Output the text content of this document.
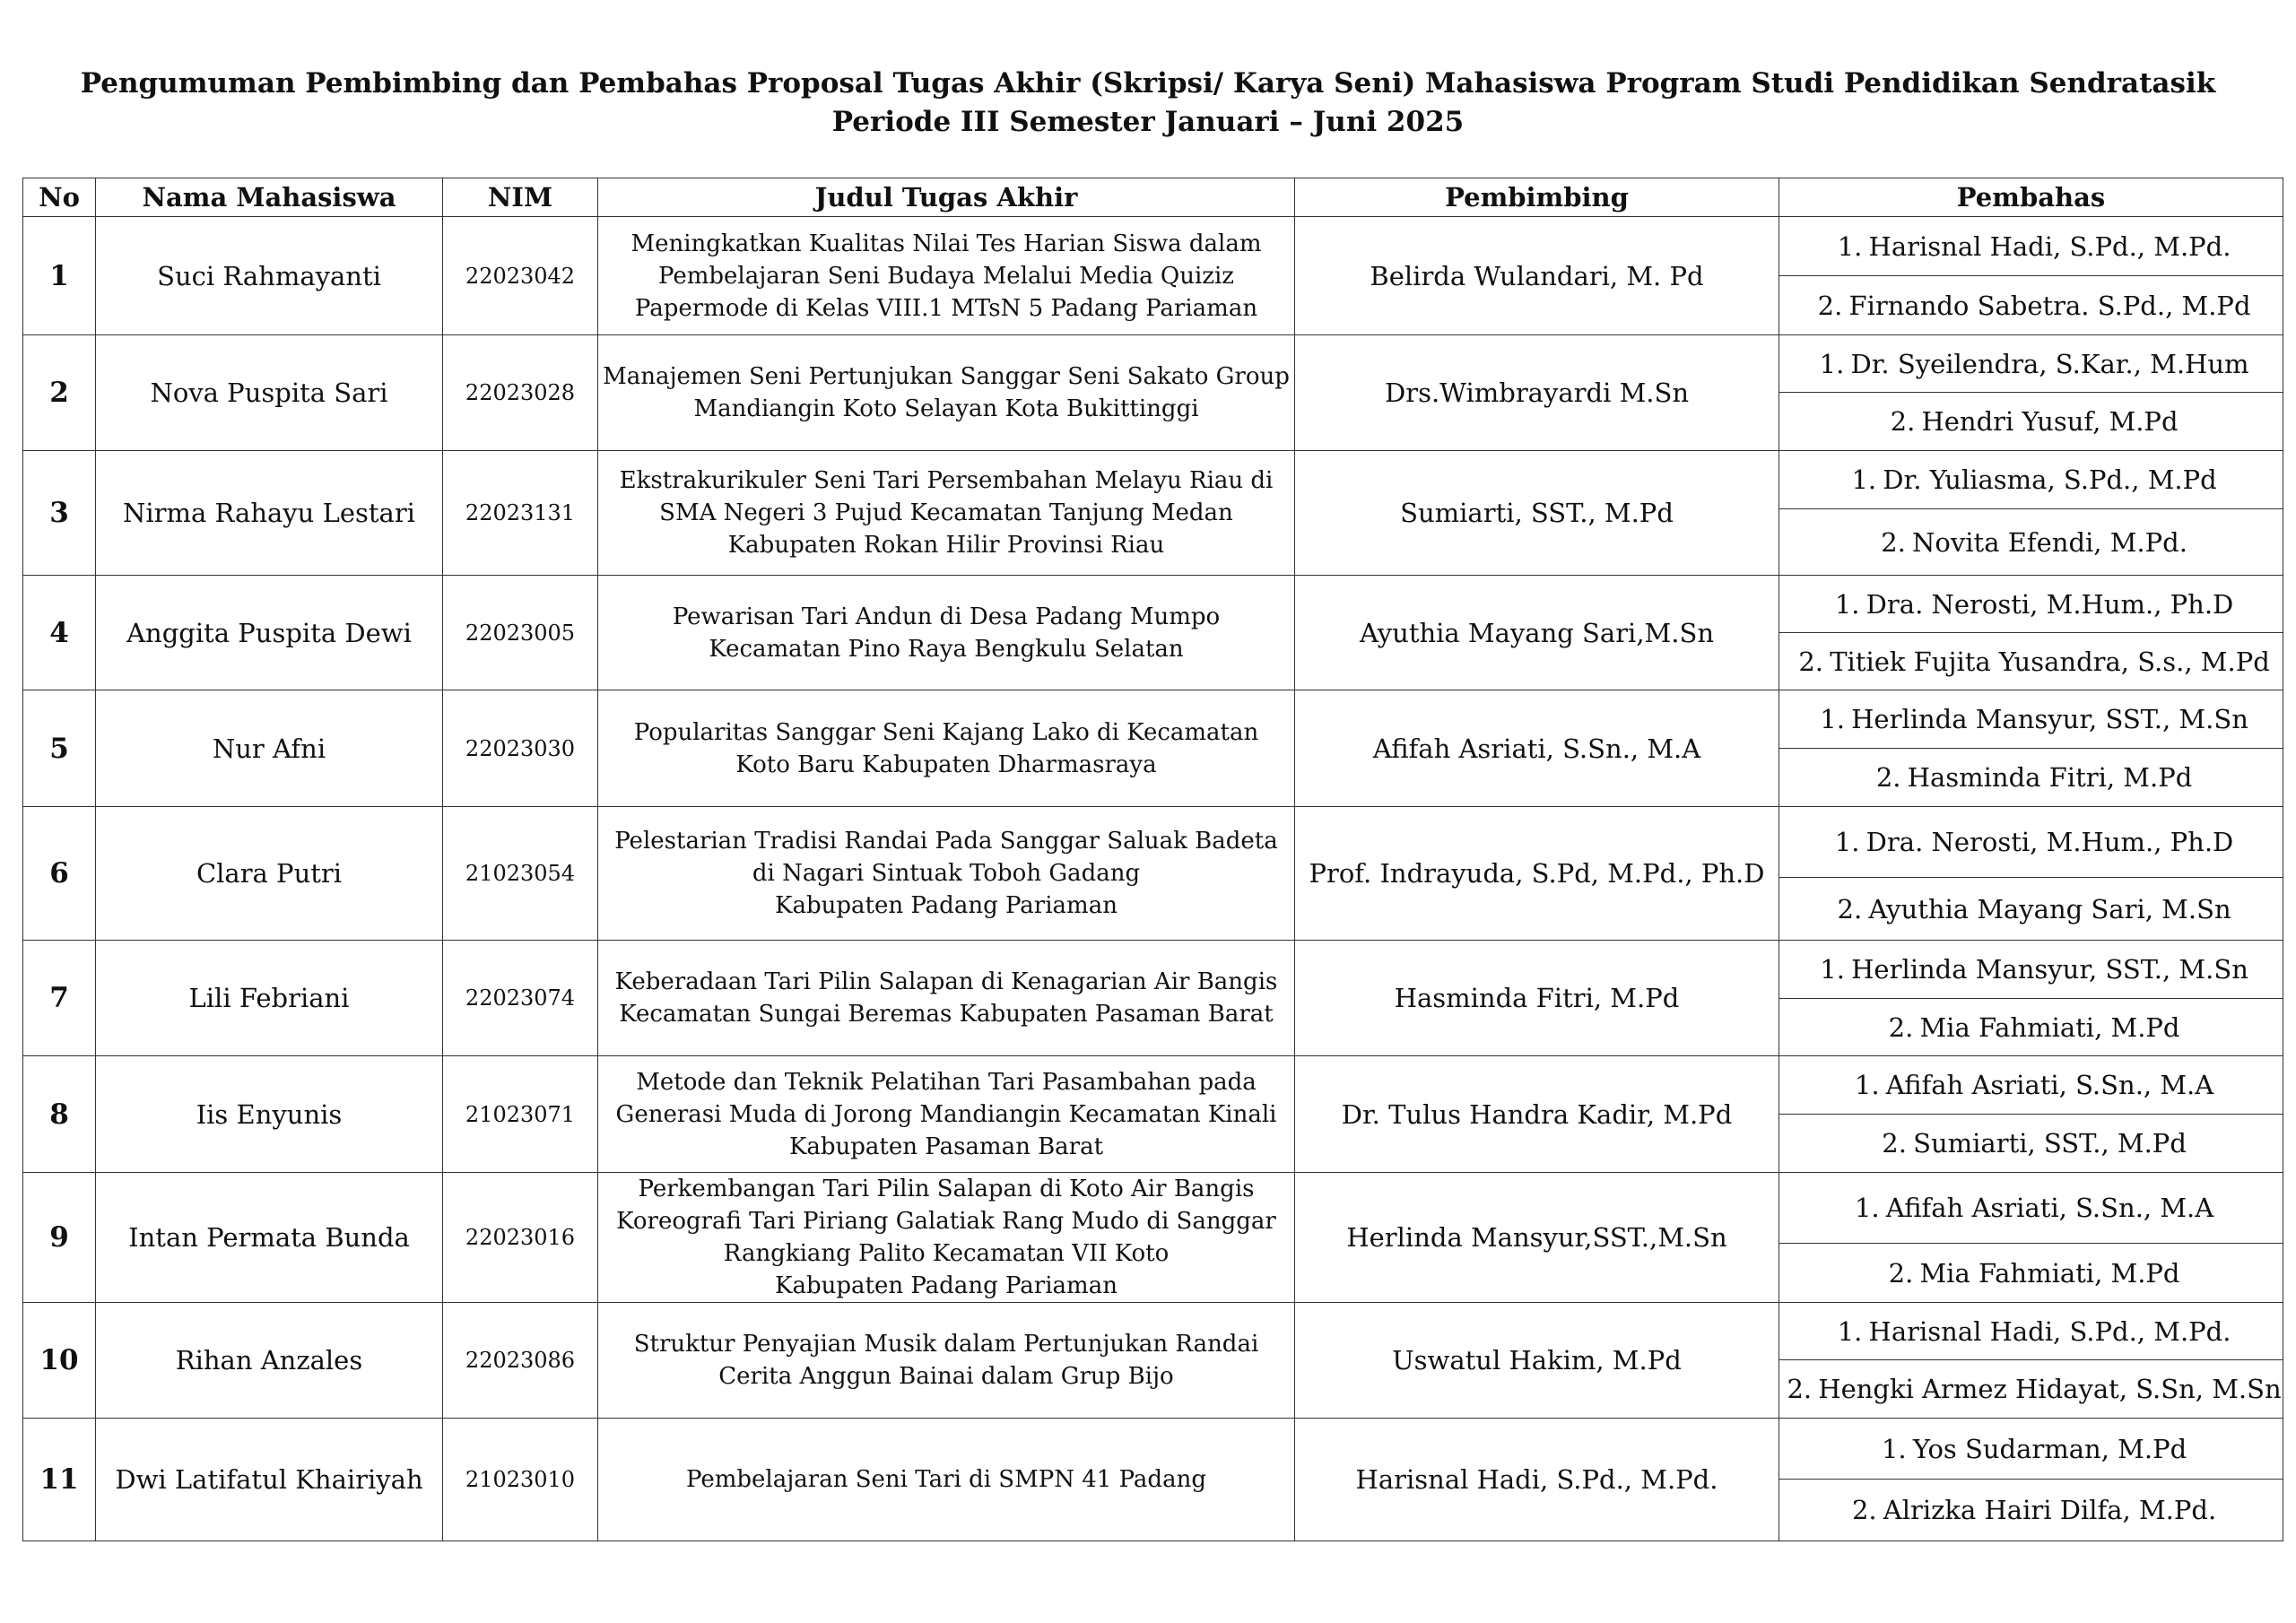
Pengumuman Pembimbing dan Pembahas Proposal Tugas Akhir (Skripsi/ Karya Seni) Mahasiswa Program Studi Pendidikan Sendratasik
Periode III Semester Januari – Juni 2025
No	Nama Mahasiswa	NIM	Judul Tugas Akhir	Pembimbing	Pembahas
1	Suci Rahmayanti	22023042	Meningkatkan Kualitas Nilai Tes Harian Siswa dalam
Pembelajaran Seni Budaya Melalui Media Quiziz
Papermode di Kelas VIII.1 MTsN 5 Padang Pariaman	Belirda Wulandari, M. Pd	1. Harisnal Hadi, S.Pd., M.Pd.
					2. Firnando Sabetra. S.Pd., M.Pd
2	Nova Puspita Sari	22023028	Manajemen Seni Pertunjukan Sanggar Seni Sakato Group
Mandiangin Koto Selayan Kota Bukittinggi	Drs.Wimbrayardi M.Sn	1. Dr. Syeilendra, S.Kar., M.Hum
					2. Hendri Yusuf, M.Pd
3	Nirma Rahayu Lestari	22023131	Ekstrakurikuler Seni Tari Persembahan Melayu Riau di
SMA Negeri 3 Pujud Kecamatan Tanjung Medan
Kabupaten Rokan Hilir Provinsi Riau	Sumiarti, SST., M.Pd	1. Dr. Yuliasma, S.Pd., M.Pd
					2. Novita Efendi, M.Pd.
4	Anggita Puspita Dewi	22023005	Pewarisan Tari Andun di Desa Padang Mumpo
Kecamatan Pino Raya Bengkulu Selatan	Ayuthia Mayang Sari,M.Sn	1. Dra. Nerosti, M.Hum., Ph.D
					2. Titiek Fujita Yusandra, S.s., M.Pd
5	Nur Afni	22023030	Popularitas Sanggar Seni Kajang Lako di Kecamatan
Koto Baru Kabupaten Dharmasraya	Afifah Asriati, S.Sn., M.A	1. Herlinda Mansyur, SST., M.Sn
					2. Hasminda Fitri, M.Pd
6	Clara Putri	21023054	Pelestarian Tradisi Randai Pada Sanggar Saluak Badeta
di Nagari Sintuak Toboh Gadang
Kabupaten Padang Pariaman	Prof. Indrayuda, S.Pd, M.Pd., Ph.D	1. Dra. Nerosti, M.Hum., Ph.D
					2. Ayuthia Mayang Sari, M.Sn
7	Lili Febriani	22023074	Keberadaan Tari Pilin Salapan di Kenagarian Air Bangis
Kecamatan Sungai Beremas Kabupaten Pasaman Barat	Hasminda Fitri, M.Pd	1. Herlinda Mansyur, SST., M.Sn
					2. Mia Fahmiati, M.Pd
8	Iis Enyunis	21023071	Metode dan Teknik Pelatihan Tari Pasambahan pada
Generasi Muda di Jorong Mandiangin Kecamatan Kinali
Kabupaten Pasaman Barat	Dr. Tulus Handra Kadir, M.Pd	1. Afifah Asriati, S.Sn., M.A
					2. Sumiarti, SST., M.Pd
9	Intan Permata Bunda	22023016	Perkembangan Tari Pilin Salapan di Koto Air Bangis
Koreografi Tari Piriang Galatiak Rang Mudo di Sanggar
Rangkiang Palito Kecamatan VII Koto
Kabupaten Padang Pariaman	Herlinda Mansyur,SST.,M.Sn	1. Afifah Asriati, S.Sn., M.A
					2. Mia Fahmiati, M.Pd
10	Rihan Anzales	22023086	Struktur Penyajian Musik dalam Pertunjukan Randai
Cerita Anggun Bainai dalam Grup Bijo	Uswatul Hakim, M.Pd	1. Harisnal Hadi, S.Pd., M.Pd.
					2. Hengki Armez Hidayat, S.Sn, M.Sn
11	Dwi Latifatul Khairiyah	21023010	Pembelajaran Seni Tari di SMPN 41 Padang	Harisnal Hadi, S.Pd., M.Pd.	1. Yos Sudarman, M.Pd
					2. Alrizka Hairi Dilfa, M.Pd.
